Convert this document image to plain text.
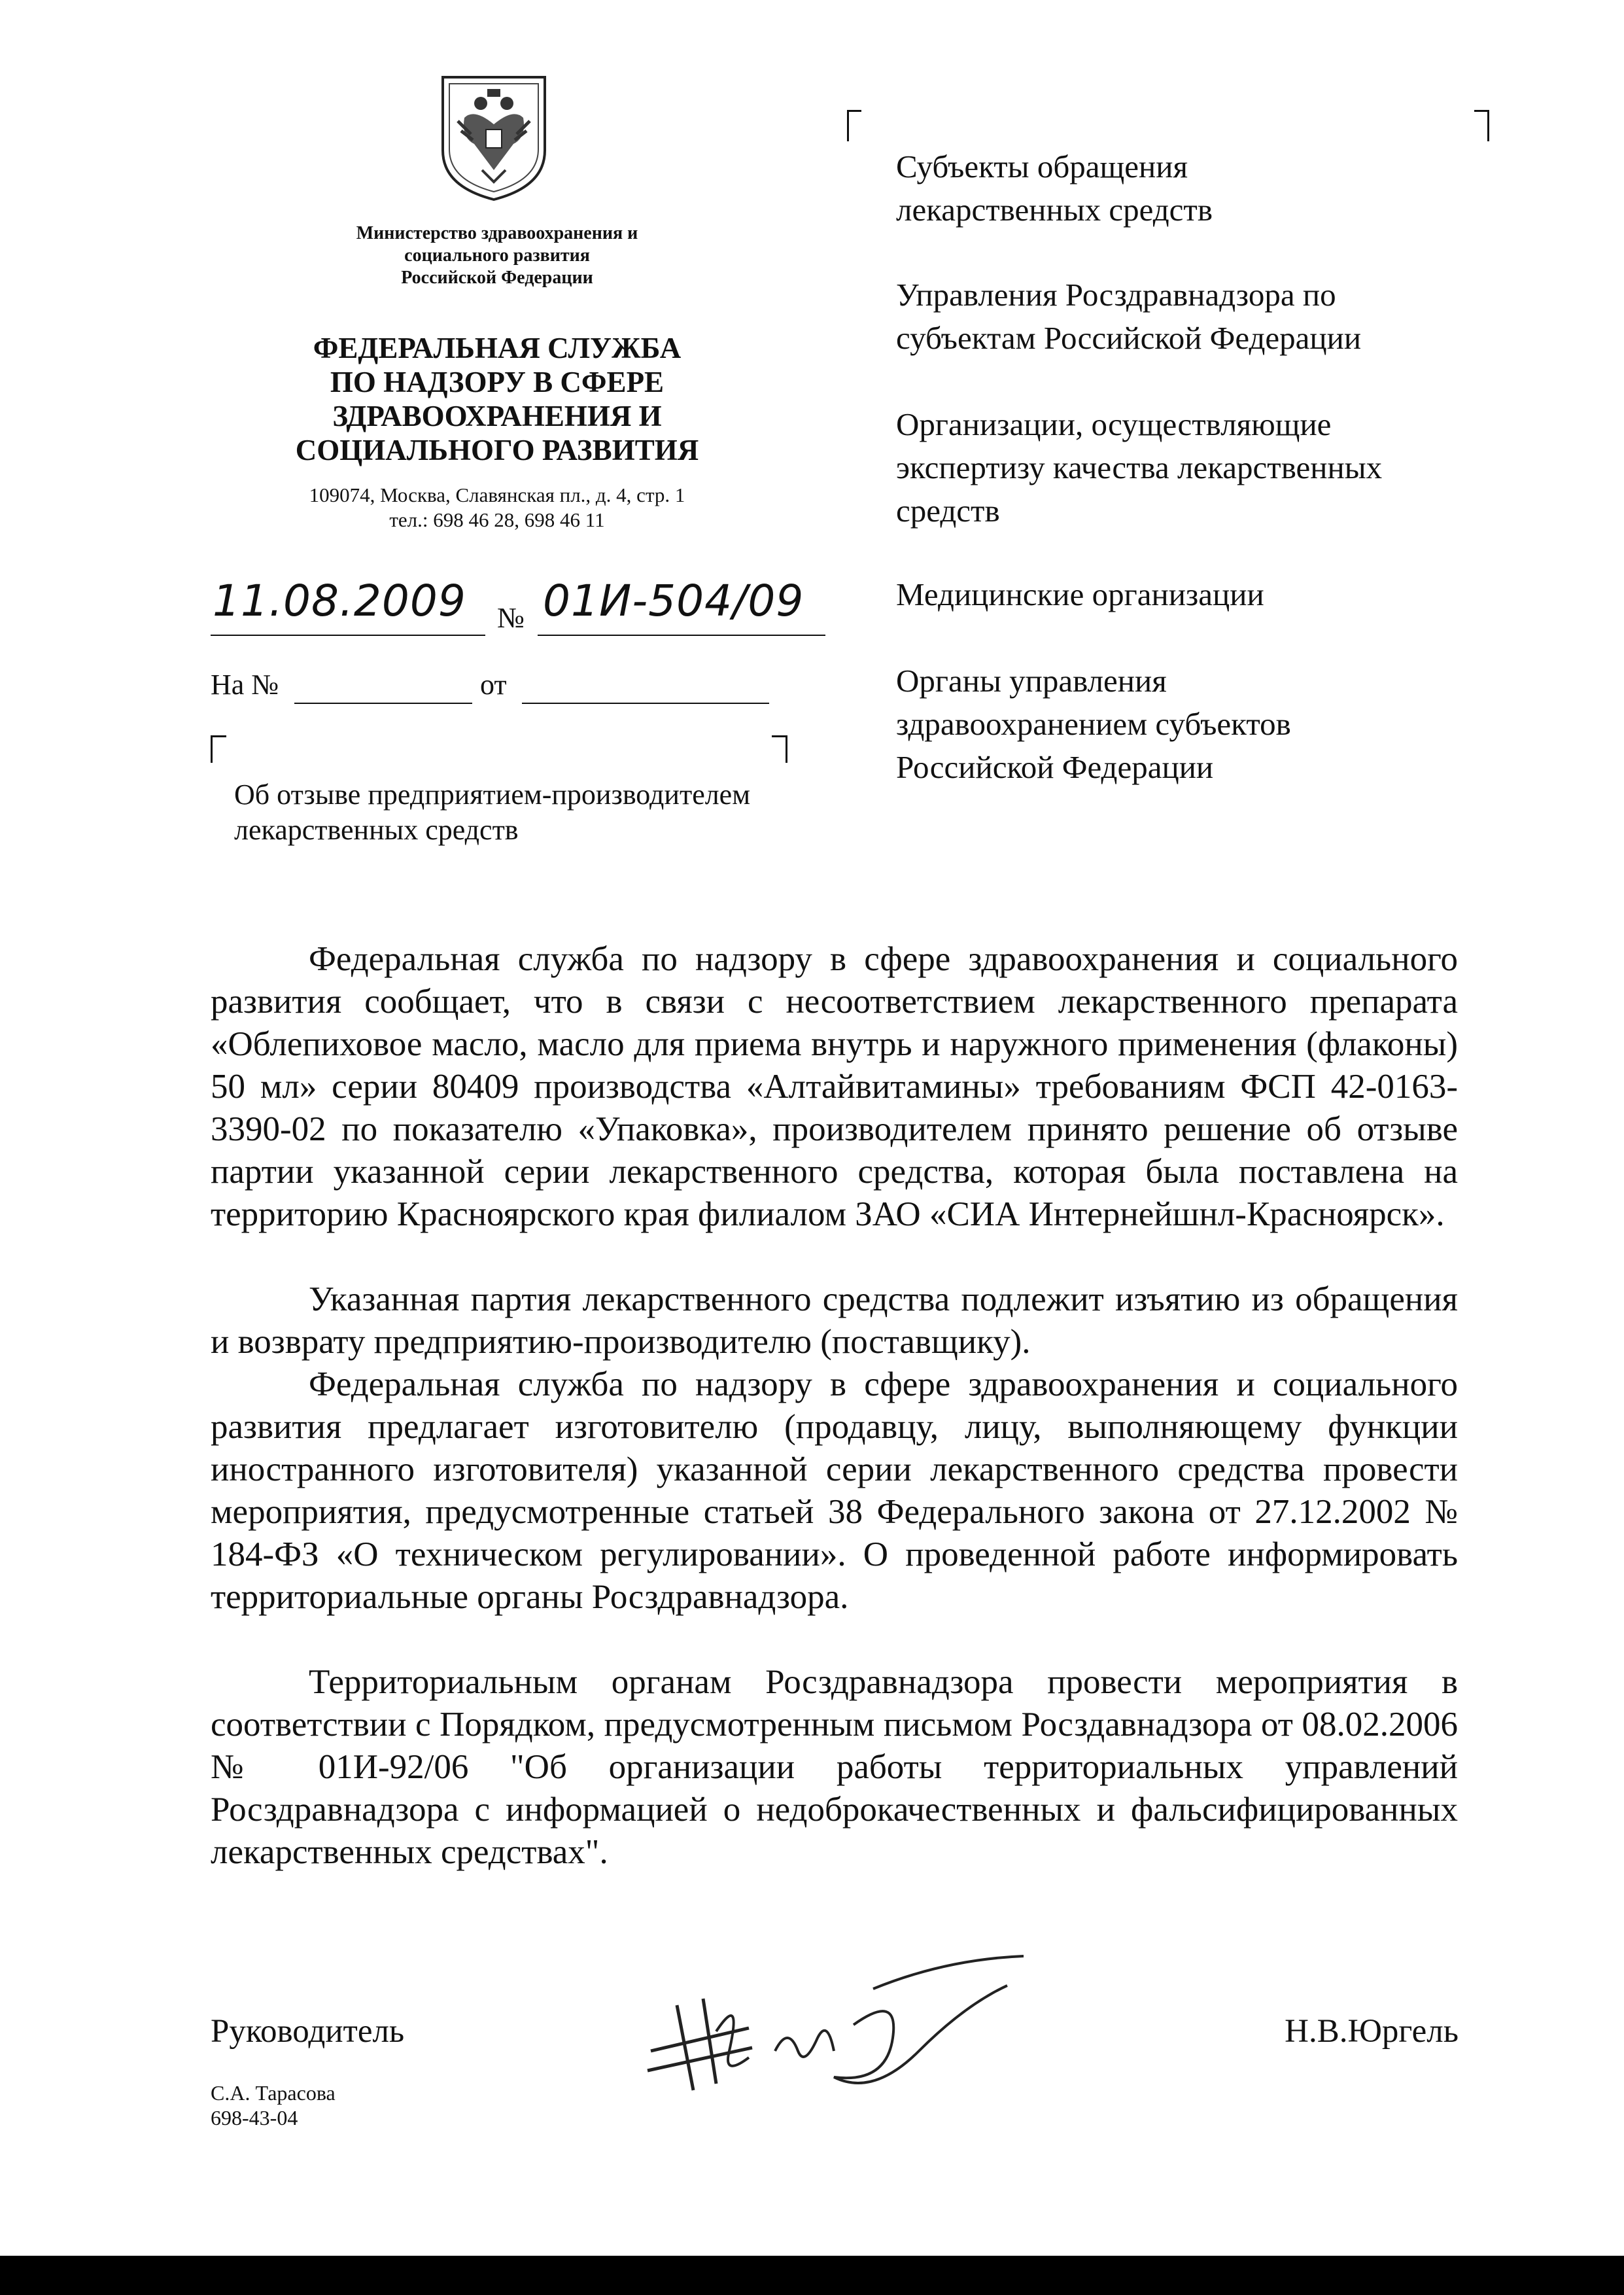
Министерство здравоохранения и
социального развития
Российской Федерации
ФЕДЕРАЛЬНАЯ СЛУЖБА
ПО НАДЗОРУ В СФЕРЕ
ЗДРАВООХРАНЕНИЯ И
СОЦИАЛЬНОГО РАЗВИТИЯ
109074, Москва, Славянская пл., д. 4, стр. 1
тел.: 698 46 28, 698 46 11
11.08.2009	№ 01И-504/09
На №	от
Об отзыве предприятием-производителем
лекарственных средств
Субъекты обращения
лекарственных средств
Управления Росздравнадзора по
субъектам Российской Федерации
Организации, осуществляющие
экспертизу качества лекарственных
средств
Медицинские организации
Органы управления
здравоохранением субъектов
Российской Федерации

Федеральная служба по надзору в сфере здравоохранения и социального развития сообщает, что в связи с несоответствием лекарственного препарата «Облепиховое масло, масло для приема внутрь и наружного применения (флаконы) 50 мл» серии 80409 производства «Алтайвитамины» требованиям ФСП 42-0163-3390-02 по показателю «Упаковка», производителем принято решение об отзыве партии указанной серии лекарственного средства, которая была поставлена на территорию Красноярского края филиалом ЗАО «СИА Интернейшнл-Красноярск».

Указанная партия лекарственного средства подлежит изъятию из обращения и возврату предприятию-производителю (поставщику).

Федеральная служба по надзору в сфере здравоохранения и социального развития предлагает изготовителю (продавцу, лицу, выполняющему функции иностранного изготовителя) указанной серии лекарственного средства провести мероприятия, предусмотренные статьей 38 Федерального закона от 27.12.2002 № 184-ФЗ «О техническом регулировании». О проведенной работе информировать территориальные органы Росздравнадзора.

Территориальным органам Росздравнадзора провести мероприятия в соответствии с Порядком, предусмотренным письмом Росздавнадзора от 08.02.2006 № 01И-92/06 "Об организации работы территориальных управлений Росздравнадзора с информацией о недоброкачественных и фальсифицированных лекарственных средствах".

Руководитель	Н.В.Юргель
С.А. Тарасова
698-43-04
